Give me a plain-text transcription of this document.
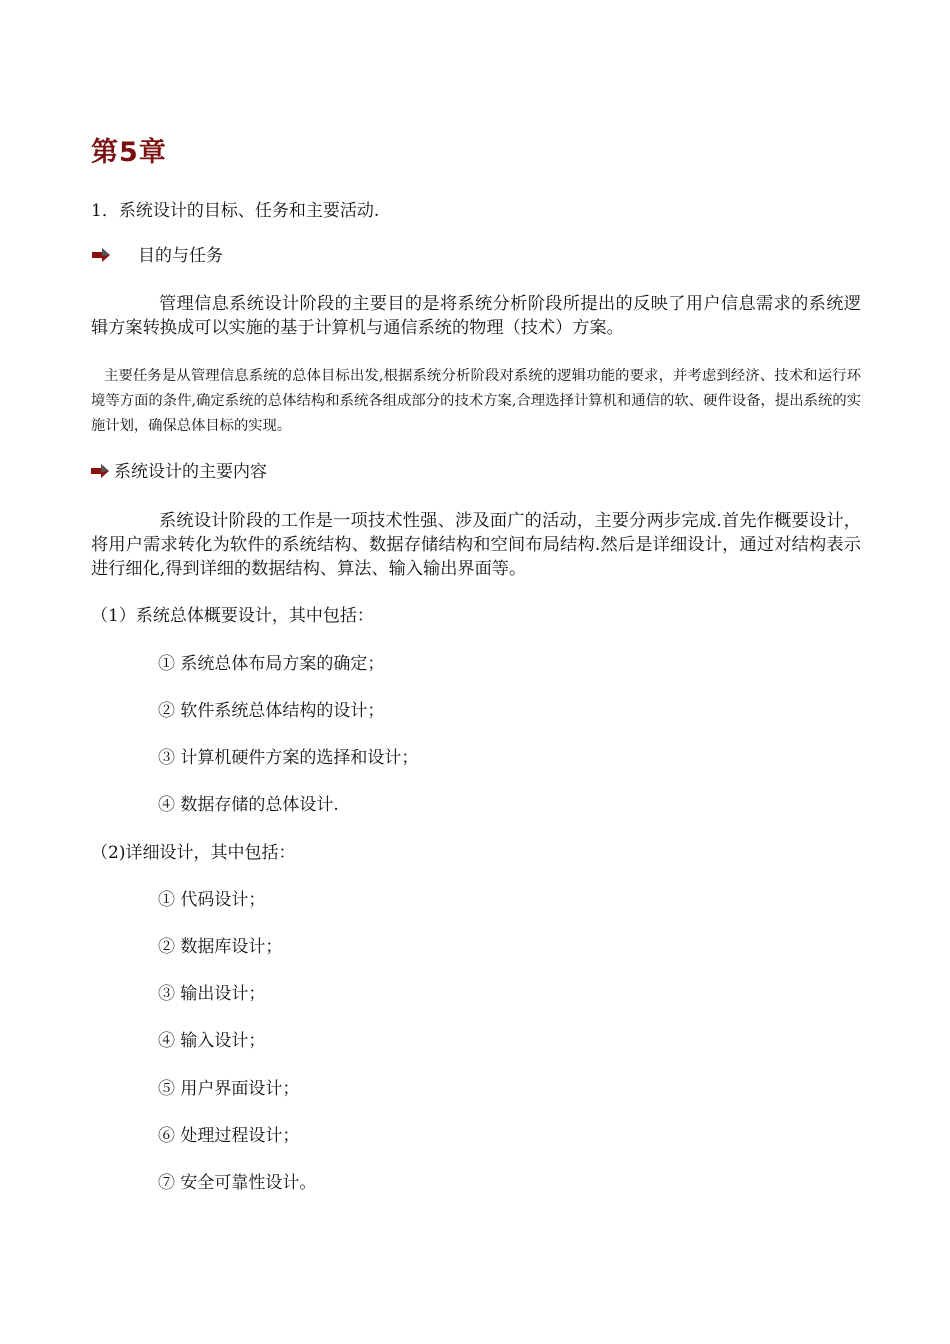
第5章
1．系统设计的目标、任务和主要活动.
目的与任务
管理信息系统设计阶段的主要目的是将系统分析阶段所提出的反映了用户信息需求的系统逻辑方案转换成可以实施的基于计算机与通信系统的物理（技术）方案。
主要任务是从管理信息系统的总体目标出发,根据系统分析阶段对系统的逻辑功能的要求，并考虑到经济、技术和运行环境等方面的条件,确定系统的总体结构和系统各组成部分的技术方案,合理选择计算机和通信的软、硬件设备，提出系统的实施计划，确保总体目标的实现。
系统设计的主要内容
系统设计阶段的工作是一项技术性强、涉及面广的活动，主要分两步完成.首先作概要设计，将用户需求转化为软件的系统结构、数据存储结构和空间布局结构.然后是详细设计，通过对结构表示进行细化,得到详细的数据结构、算法、输入输出界面等。
（1）系统总体概要设计，其中包括：
① 系统总体布局方案的确定；
② 软件系统总体结构的设计；
③ 计算机硬件方案的选择和设计；
④ 数据存储的总体设计.
（2)详细设计，其中包括：
① 代码设计；
② 数据库设计；
③ 输出设计；
④ 输入设计；
⑤ 用户界面设计；
⑥ 处理过程设计；
⑦ 安全可靠性设计。
